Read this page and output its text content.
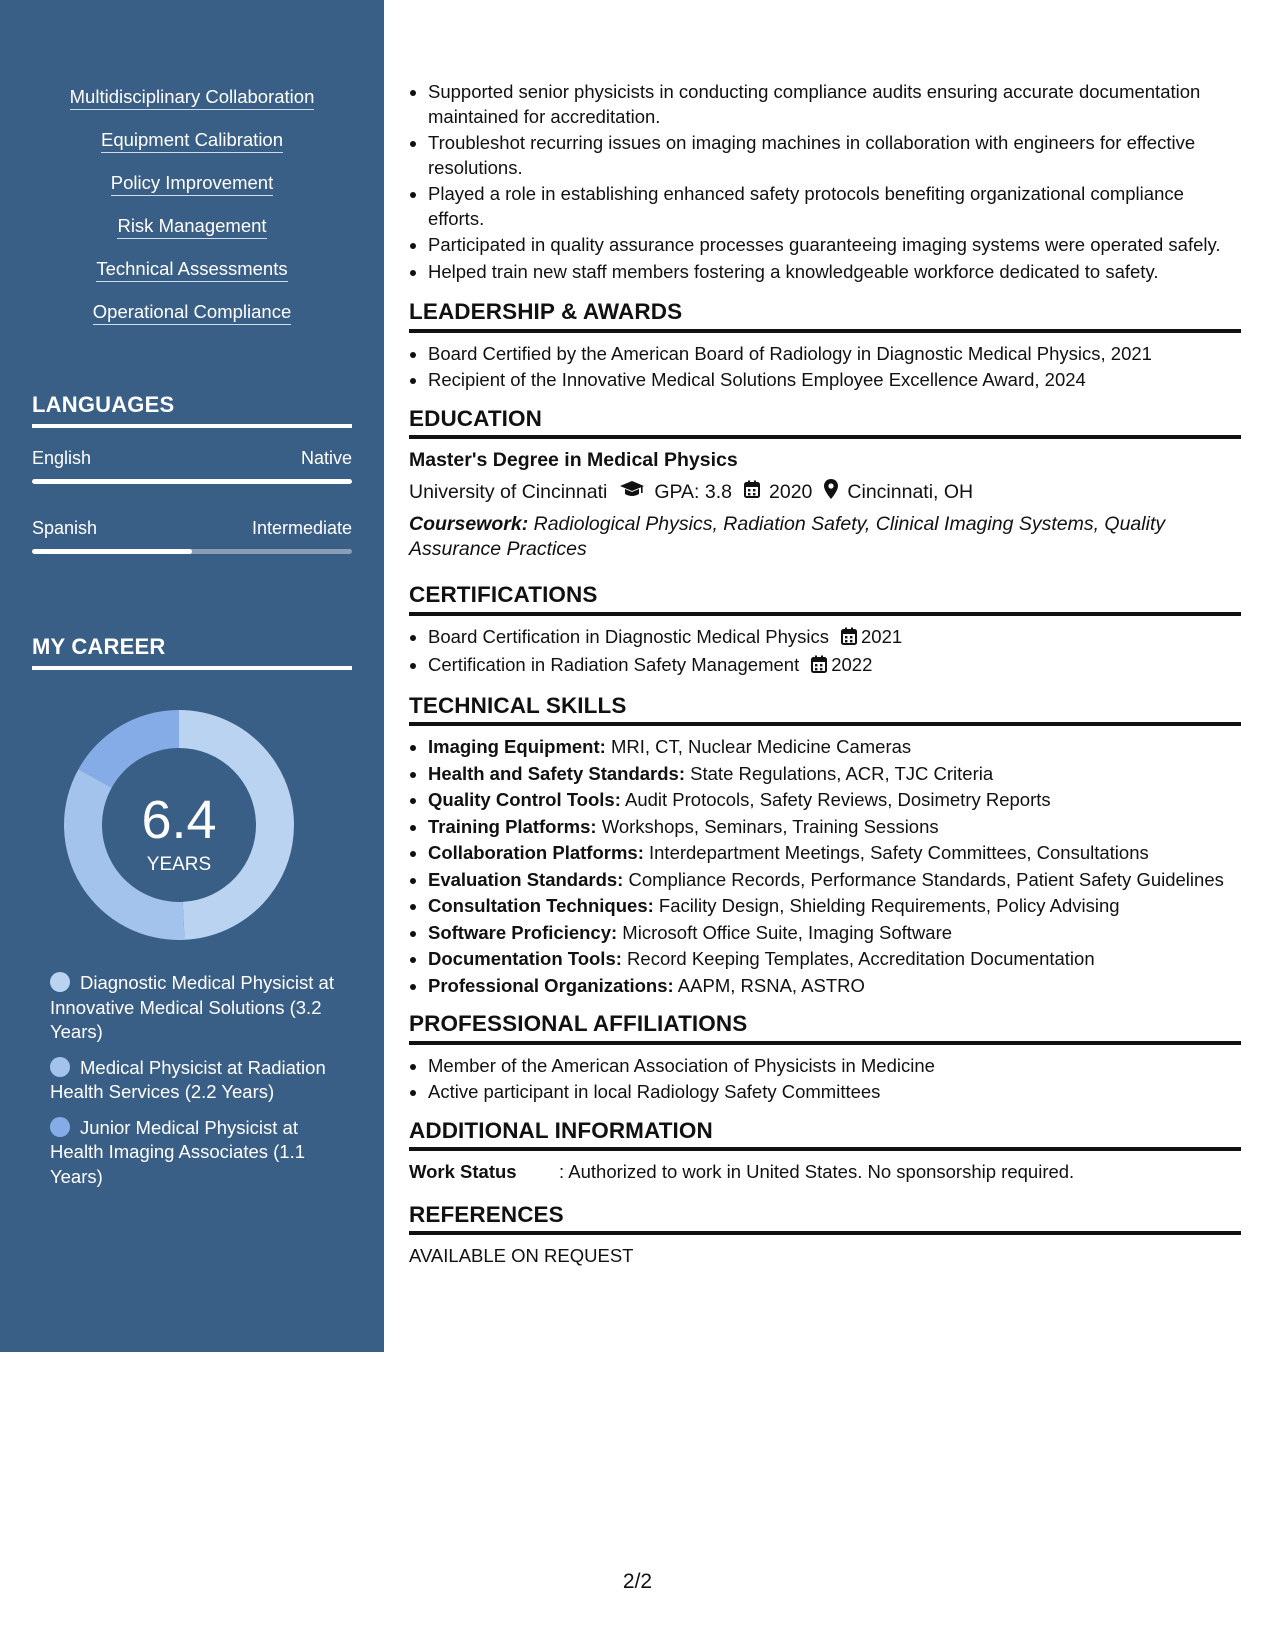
Multidisciplinary Collaboration
Equipment Calibration
Policy Improvement
Risk Management
Technical Assessments
Operational Compliance
LANGUAGES
English	Native
Spanish	Intermediate
MY CAREER
6.4
YEARS
Diagnostic Medical Physicist at Innovative Medical Solutions (3.2 Years)
Medical Physicist at Radiation Health Services (2.2 Years)
Junior Medical Physicist at Health Imaging Associates (1.1 Years)
• Supported senior physicists in conducting compliance audits ensuring accurate documentation maintained for accreditation.
• Troubleshot recurring issues on imaging machines in collaboration with engineers for effective resolutions.
• Played a role in establishing enhanced safety protocols benefiting organizational compliance efforts.
• Participated in quality assurance processes guaranteeing imaging systems were operated safely.
• Helped train new staff members fostering a knowledgeable workforce dedicated to safety.
LEADERSHIP & AWARDS
• Board Certified by the American Board of Radiology in Diagnostic Medical Physics, 2021
• Recipient of the Innovative Medical Solutions Employee Excellence Award, 2024
EDUCATION
Master's Degree in Medical Physics
University of Cincinnati GPA: 3.8 2020 Cincinnati, OH
Coursework: Radiological Physics, Radiation Safety, Clinical Imaging Systems, Quality Assurance Practices
CERTIFICATIONS
• Board Certification in Diagnostic Medical Physics 2021
• Certification in Radiation Safety Management 2022
TECHNICAL SKILLS
• Imaging Equipment: MRI, CT, Nuclear Medicine Cameras
• Health and Safety Standards: State Regulations, ACR, TJC Criteria
• Quality Control Tools: Audit Protocols, Safety Reviews, Dosimetry Reports
• Training Platforms: Workshops, Seminars, Training Sessions
• Collaboration Platforms: Interdepartment Meetings, Safety Committees, Consultations
• Evaluation Standards: Compliance Records, Performance Standards, Patient Safety Guidelines
• Consultation Techniques: Facility Design, Shielding Requirements, Policy Advising
• Software Proficiency: Microsoft Office Suite, Imaging Software
• Documentation Tools: Record Keeping Templates, Accreditation Documentation
• Professional Organizations: AAPM, RSNA, ASTRO
PROFESSIONAL AFFILIATIONS
• Member of the American Association of Physicists in Medicine
• Active participant in local Radiology Safety Committees
ADDITIONAL INFORMATION
Work Status	: Authorized to work in United States. No sponsorship required.
REFERENCES
AVAILABLE ON REQUEST
2/2
